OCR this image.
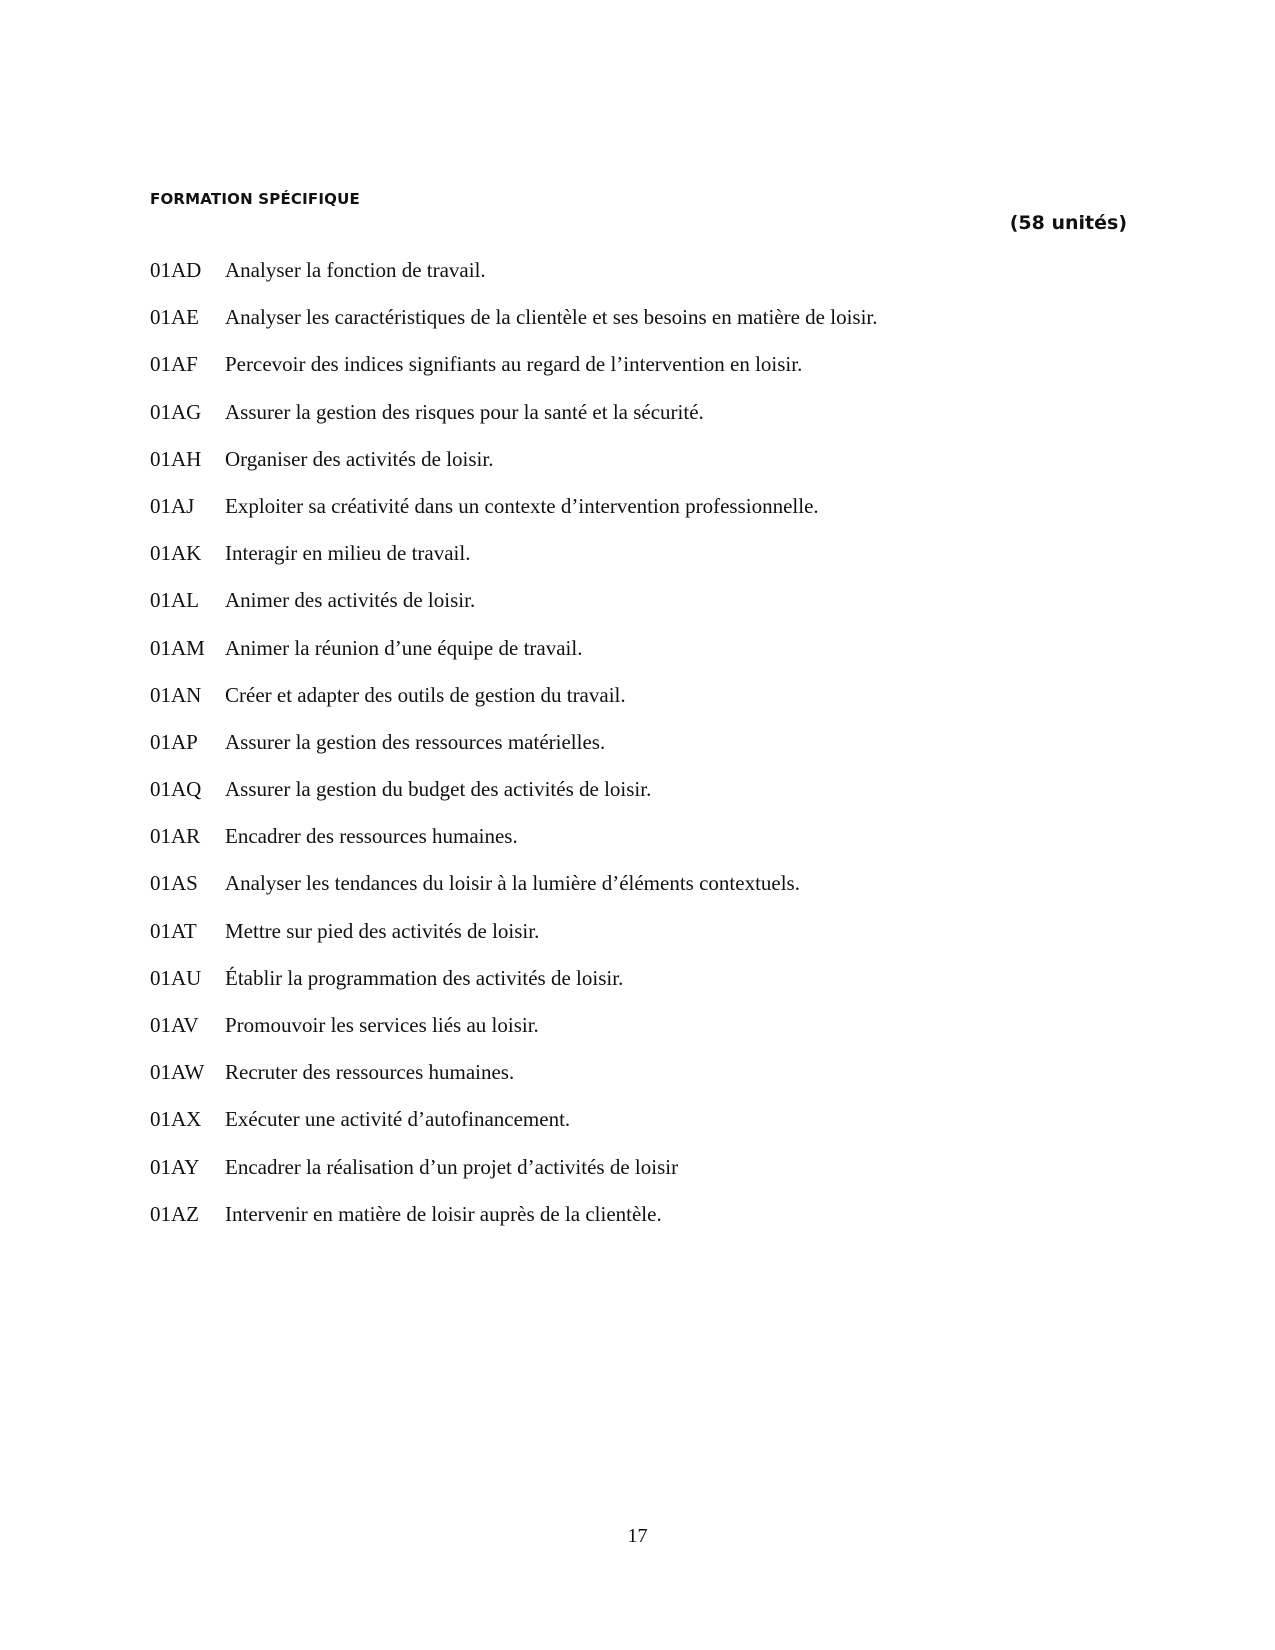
FORMATION SPÉCIFIQUE
(58 unités)
01AD	Analyser la fonction de travail.
01AE	Analyser les caractéristiques de la clientèle et ses besoins en matière de loisir.
01AF	Percevoir des indices signifiants au regard de l’intervention en loisir.
01AG	Assurer la gestion des risques pour la santé et la sécurité.
01AH	Organiser des activités de loisir.
01AJ	Exploiter sa créativité dans un contexte d’intervention professionnelle.
01AK	Interagir en milieu de travail.
01AL	Animer des activités de loisir.
01AM Animer la réunion d’une équipe de travail.
01AN	Créer et adapter des outils de gestion du travail.
01AP	Assurer la gestion des ressources matérielles.
01AQ	Assurer la gestion du budget des activités de loisir.
01AR	Encadrer des ressources humaines.
01AS	Analyser les tendances du loisir à la lumière d’éléments contextuels.
01AT	Mettre sur pied des activités de loisir.
01AU	Établir la programmation des activités de loisir.
01AV	Promouvoir les services liés au loisir.
01AW Recruter des ressources humaines.
01AX	Exécuter une activité d’autofinancement.
01AY	Encadrer la réalisation d’un projet d’activités de loisir
01AZ	Intervenir en matière de loisir auprès de la clientèle.
17
